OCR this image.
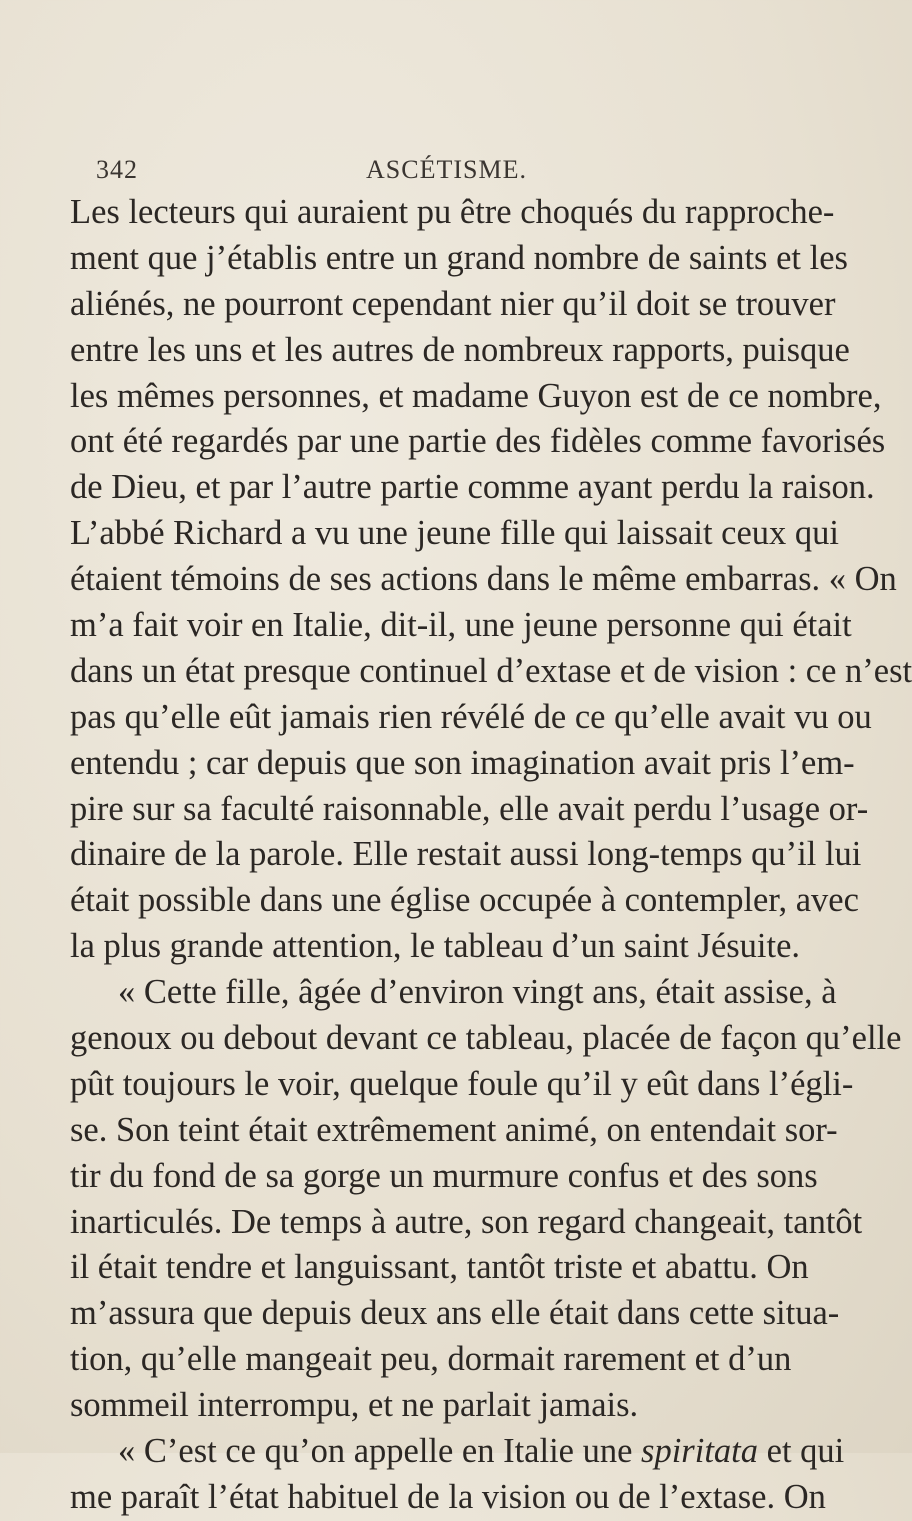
342	ASCÉTISME.
Les lecteurs qui auraient pu être choqués du rapproche-
ment que j’établis entre un grand nombre de saints et les
aliénés, ne pourront cependant nier qu’il doit se trouver
entre les uns et les autres de nombreux rapports, puisque
les mêmes personnes, et madame Guyon est de ce nombre,
ont été regardés par une partie des fidèles comme favorisés
de Dieu, et par l’autre partie comme ayant perdu la raison.
L’abbé Richard a vu une jeune fille qui laissait ceux qui
étaient témoins de ses actions dans le même embarras. « On
m’a fait voir en Italie, dit-il, une jeune personne qui était
dans un état presque continuel d’extase et de vision : ce n’est
pas qu’elle eût jamais rien révélé de ce qu’elle avait vu ou
entendu ; car depuis que son imagination avait pris l’em-
pire sur sa faculté raisonnable, elle avait perdu l’usage or-
dinaire de la parole. Elle restait aussi long-temps qu’il lui
était possible dans une église occupée à contempler, avec
la plus grande attention, le tableau d’un saint Jésuite.
« Cette fille, âgée d’environ vingt ans, était assise, à
genoux ou debout devant ce tableau, placée de façon qu’elle
pût toujours le voir, quelque foule qu’il y eût dans l’égli-
se. Son teint était extrêmement animé, on entendait sor-
tir du fond de sa gorge un murmure confus et des sons
inarticulés. De temps à autre, son regard changeait, tantôt
il était tendre et languissant, tantôt triste et abattu. On
m’assura que depuis deux ans elle était dans cette situa-
tion, qu’elle mangeait peu, dormait rarement et d’un
sommeil interrompu, et ne parlait jamais.
« C’est ce qu’on appelle en Italie une spiritata et qui
me paraît l’état habituel de la vision ou de l’extase. On
